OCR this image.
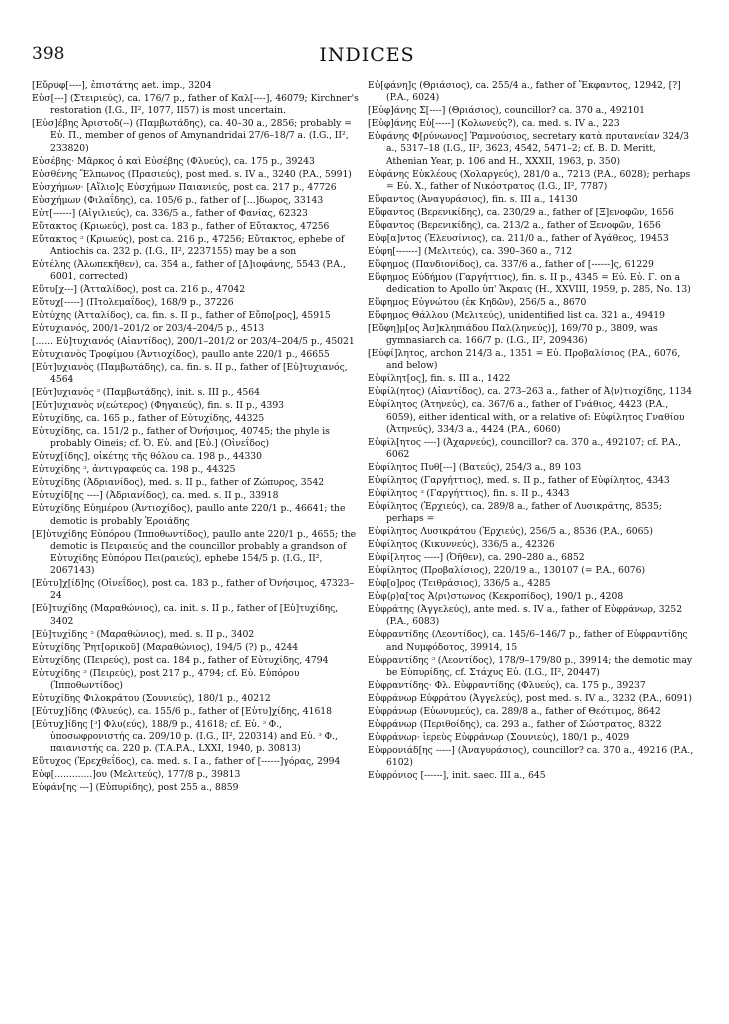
398	INDICES
[Εὔρυφ[----], ἐπιστάτης aet. imp., 3204
Εὐσ[---] (Στειριεύς), ca. 176/7 p., father of Καλ[----], 46079; Kirchner's restoration (I.G., II², 1077, II57) is most uncertain.
[Εὐσ]έβης Ἀριστοδ(--) (Παμβωτάδης), ca. 40–30 a., 2856; probably = Εὐ. Π., member of genos of Amynandridai 27/6–18/7 a. (I.G., II², 233820)
Εὐσέβης· Μᾶρκος ὁ καὶ Εὐσέβης (Φλυεύς), ca. 175 p., 39243
Εὐσθένης Ἔλπωνος (Πρασιεύς), post med. s. IV a., 3240 (P.A., 5991)
Εὐσχήμων· [Αἴλιο]ς Εὐσχήμων Παιανιεύς, post ca. 217 p., 47726
Εὐσχήμων (Φιλαΐδης), ca. 105/6 p., father of [...]δωρος, 33143
Εὐτ[------] (Αἰγιλιεύς), ca. 336/5 a., father of Φανίας, 62323
Εὔτακτος (Κριωεύς), post ca. 183 p., father of Εὔτακτος, 47256
Εὔτακτος ᵓ (Κριωεύς), post ca. 216 p., 47256; Εὔτακτος, ephebe of Antiochis ca. 232 p. (I.G., II², 2237155) may be a son
Εὐτέλης (Ἀλωπεκῆθεν), ca. 354 a., father of [Δ]ιοφάνης, 5543 (P.A., 6001, corrected)
Εὔτυ[χ---] (Ἀτταλίδος), post ca. 216 p., 47042
Εὔτυχ[-----] (Πτολεμαΐδος), 168/9 p., 37226
Εὐτύχης (Ἀτταλίδος), ca. fin. s. II p., father of Εὔπο[ρος], 45915
Εὐτυχιανός, 200/1–201/2 or 203/4–204/5 p., 4513
[...... Εὐ]τυχιανός (Αἰαντίδος), 200/1–201/2 or 203/4–204/5 p., 45021
Εὐτυχιανὸς Τροφίμου (Ἀντιοχίδος), paullo ante 220/1 p., 46655
[Εὐτ]υχιανὸς (Παμβωτάδης), ca. fin. s. II p., father of [Εὐ]τυχιανός, 4564
[Εὐτ]υχιανὸς ᵓ (Παμβωτάδης), init. s. III p., 4564
[Εὐτ]υχιανὸς ν(εώτερος) (Φηγαιεύς), fin. s. II p., 4393
Εὐτυχίδης, ca. 165 p., father of Εὐτυχίδης, 44325
Εὐτυχίδης, ca. 151/2 p., father of Ὀνήσιμος, 40745; the phyle is probably Oineis; cf. Ὀ. Εὐ. and [Εὐ.] (Οἰνεΐδος)
Εὐτυχ[ίδης], οἰκέτης τῆς θόλου ca. 198 p., 44330
Εὐτυχίδης ᵓ, ἀντιγραφεύς ca. 198 p., 44325
Εὐτυχίδης (Ἀδριανίδος), med. s. II p., father of Ζώπυρος, 3542
Εὐτυχίδ[ης ----] (Ἀδριανίδος), ca. med. s. II p., 33918
Εὐτυχίδης Εὐημέρου (Ἀντιοχίδος), paullo ante 220/1 p., 46641; the demotic is probably Ἐροιάδης
[Ε]ὐτυχίδης Εὐπόρου (Ἱπποθωντίδος), paullo ante 220/1 p., 4655; the demotic is Πειραιεύς and the councillor probably a grandson of Εὐτυχίδης Εὐπόρου Πει(ραιεύς), ephebe 154/5 p. (I.G., II², 2067143)
[Εὐτυ]χ[ίδ]ης (Οἰνεΐδος), post ca. 183 p., father of Ὀνήσιμος, 47323–24
[Εὐ]τυχίδης (Μαραθώνιος), ca. init. s. II p., father of [Εὐ]τυχίδης, 3402
[Εὐ]τυχίδης ᵓ (Μαραθώνιος), med. s. II p., 3402
Εὐτυχίδης Ῥητ[ορικοῦ] (Μαραθώνιος), 194/5 (?) p., 4244
Εὐτυχίδης (Πειρεύς), post ca. 184 p., father of Εὐτυχίδης, 4794
Εὐτυχίδης ᵓ (Πειρεύς), post 217 p., 4794; cf. Εὐ. Εὐπόρου (Ἱπποθωντίδος)
Εὐτυχίδης Φιλοκράτου (Σουνιεύς), 180/1 p., 40212
[Εὐτυχ]ίδης (Φλυεύς), ca. 155/6 p., father of [Εὐτυ]χίδης, 41618
[Εὐτυχ]ίδης [ᵓ] Φλυ(εύς), 188/9 p., 41618; cf. Εὐ. ᵓ Φ., ὑποσωφρονιστής ca. 209/10 p. (I.G., II², 220314) and Εὐ. ᵓ Φ., παιανιστής ca. 220 p. (T.A.P.A., LXXI, 1940, p. 30813)
Εὔτυχος (Ἐρεχθεΐδος), ca. med. s. I a., father of [------]γόρας, 2994
Εὐφ[.............]ου (Μελιτεύς), 177/8 p., 39813
Εὐφάν[ης ---] (Εὐπυρίδης), post 255 a., 8859
Εὐ[φάνη]ς (Θριάσιος), ca. 255/4 a., father of Ἔκφαντος, 12942, [?] (P.A., 6024)
[Εὐφ]άνης Σ[----] (Θριάσιος), councillor? ca. 370 a., 492101
[Εὐφ]άνης Εὐ[-----] (Κολωνεύς?), ca. med. s. IV a., 223
Εὐφάνης Φ[ρύνωνος] Ῥαμνούσιος, secretary κατὰ πρυτανείαν 324/3 a., 5317–18 (I.G., II², 3623, 4542, 5471–2; cf. B. D. Meritt, Athenian Year, p. 106 and H., XXXII, 1963, p. 350)
Εὐφάνης Εὐκλέους (Χολαργεύς), 281/0 a., 7213 (P.A., 6028); perhaps = Εὐ. Χ., father of Νικόστρατος (I.G., II², 7787)
Εὔφαντος (Ἀναγυράσιος), fin. s. III a., 14130
Εὔφαντος (Βερενικίδης), ca. 230/29 a., father of [Ξ]ενοφῶν, 1656
Εὔφαντος (Βερενικίδης), ca. 213/2 a., father of Ξενοφῶν, 1656
Εὐφ[α]ντος (Ἐλευσίνιος), ca. 211/0 a., father of Ἀγάθεος, 19453
Εὐφη[-------] (Μελιτεύς), ca. 390–360 a., 712
Εὔφημος (Πανδιονίδος), ca. 337/6 a., father of [------]ς, 61229
Εὔφημος Εὐδήμου (Γαργήττιος), fin. s. II p., 4345 = Εὐ. Εὐ. Γ. on a dedication to Apollo ὑπ' Ἄκραις (H., XXVIII, 1959, p. 285, No. 13)
Εὔφημος Εὐγνώτου (ἐκ Κηδῶν), 256/5 a., 8670
Εὔφημος Θάλλου (Μελιτεύς), unidentified list ca. 321 a., 49419
[Εὔφη]μ[ος Ἀσ]κληπιάδου Παλ(ληνεύς)], 169/70 p., 3809, was gymnasiarch ca. 166/7 p. (I.G., II², 209436)
[Εὐφί]λητος, archon 214/3 a., 1351 = Εὐ. Προβαλίσιος (P.A., 6076, and below)
Εὐφίλητ[ος], fin. s. III a., 1422
Εὐφίλ(ητος) (Αἰαντίδος), ca. 273–263 a., father of Ἀ⟨ν⟩τιοχίδης, 1134
Εὐφίλητος (Ἀτηνεύς), ca. 367/6 a., father of Γνάθιος, 4423 (P.A., 6059), either identical with, or a relative of: Εὐφίλητος Γναθίου (Ἀτηνεύς), 334/3 a., 4424 (P.A., 6060)
Εὐφίλ[ητος ----] (Ἀχαρνεύς), councillor? ca. 370 a., 492107; cf. P.A., 6062
Εὐφίλητος Πυθ[---] (Βατεύς), 254/3 a., 89 103
Εὐφίλητος (Γαργήττιος), med. s. II p., father of Εὐφίλητος, 4343
Εὐφίλητος ᵓ (Γαργήττιος), fin. s. II p., 4343
Εὐφίλητος (Ἐρχιεύς), ca. 289/8 a., father of Λυσικράτης, 8535; perhaps =
Εὐφίλητος Λυσικράτου (Ἐρχιεύς), 256/5 a., 8536 (P.A., 6065)
Εὐφίλητος (Κικυννεύς), 336/5 a., 42326
Εὐφί[λητος -----] (Ὀῆθεν), ca. 290–280 a., 6852
Εὐφίλητος (Προβαλίσιος), 220/19 a., 130107 (= P.A., 6076)
Εὐφ[ο]ρος (Τειθράσιος), 336/5 a., 4285
Εὐφ⟨ρ⟩α[τος Ἀ⟨ρι⟩στωνος (Κεκροπίδος), 190/1 p., 4208
Εὐφράτης (Ἀγγελεύς), ante med. s. IV a., father of Εὐφράνωρ, 3252 (P.A., 6083)
Εὐφραντίδης (Λεοντίδος), ca. 145/6–146/7 p., father of Εὐφραντίδης and Νυμφόδοτος, 39914, 15
Εὐφραντίδης ᵓ (Λεοντίδος), 178/9–179/80 p., 39914; the demotic may be Εὐπυρίδης, cf. Στάχυς Εὐ. (I.G., II², 20447)
Εὐφραντίδης· Φλ. Εὐφραντίδης (Φλυεύς), ca. 175 p., 39237
Εὐφράνωρ Εὐφράτου (Ἀγγελεύς), post med. s. IV a., 3232 (P.A., 6091)
Εὐφράνωρ (Εὐωνυμεύς), ca. 289/8 a., father of Θεότιμος, 8642
Εὐφράνωρ (Περιθοίδης), ca. 293 a., father of Σώστρατος, 8322
Εὐφράνωρ· ἱερεὺς Εὐφράνωρ (Σουνιεύς), 180/1 p., 4029
Εὐφρονιάδ[ης -----] (Ἀναγυράσιος), councillor? ca. 370 a., 49216 (P.A., 6102)
Εὐφρόνιος [------], init. saec. III a., 645
